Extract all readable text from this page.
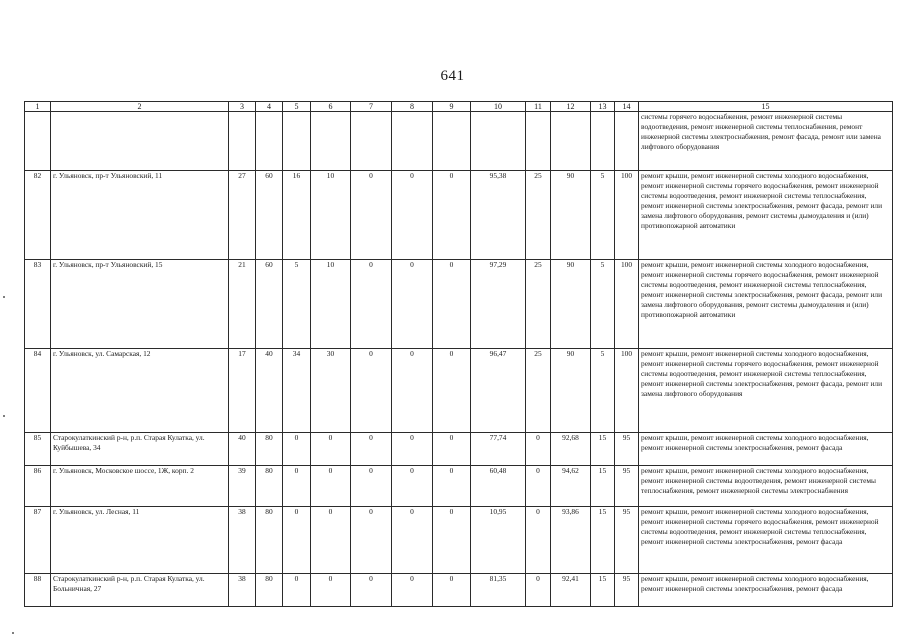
641
1	2	3	4	5	6	7	8	9	10	11	12	13	14	15
														системы горячего водоснабжения, ремонт инженерной системы водоотведения, ремонт инженерной системы теплоснабжения, ремонт инженерной системы электроснабжения, ремонт фасада, ремонт или замена лифтового оборудования
82	г. Ульяновск, пр-т Ульяновский, 11	27	60	16	10	0	0	0	95,38	25	90	5	100	ремонт крыши, ремонт инженерной системы холодного водоснабжения, ремонт инженерной системы горячего водоснабжения, ремонт инженерной системы водоотведения, ремонт инженерной системы теплоснабжения, ремонт инженерной системы электроснабжения, ремонт фасада, ремонт или замена лифтового оборудования, ремонт системы дымоудаления и (или) противопожарной автоматики
83	г. Ульяновск, пр-т Ульяновский, 15	21	60	5	10	0	0	0	97,29	25	90	5	100	ремонт крыши, ремонт инженерной системы холодного водоснабжения, ремонт инженерной системы горячего водоснабжения, ремонт инженерной системы водоотведения, ремонт инженерной системы теплоснабжения, ремонт инженерной системы электроснабжения, ремонт фасада, ремонт или замена лифтового оборудования, ремонт системы дымоудаления и (или) противопожарной автоматики
84	г. Ульяновск, ул. Самарская, 12	17	40	34	30	0	0	0	96,47	25	90	5	100	ремонт крыши, ремонт инженерной системы холодного водоснабжения, ремонт инженерной системы горячего водоснабжения, ремонт инженерной системы водоотведения, ремонт инженерной системы теплоснабжения, ремонт инженерной системы электроснабжения, ремонт фасада, ремонт или замена лифтового оборудования
85	Старокулаткинский р-н, р.п. Старая Кулатка, ул. Куйбышева, 34	40	80	0	0	0	0	0	77,74	0	92,68	15	95	ремонт крыши, ремонт инженерной системы холодного водоснабжения, ремонт инженерной системы электроснабжения, ремонт фасада
86	г. Ульяновск, Московское шоссе, 1Ж, корп. 2	39	80	0	0	0	0	0	60,48	0	94,62	15	95	ремонт крыши, ремонт инженерной системы холодного водоснабжения, ремонт инженерной системы водоотведения, ремонт инженерной системы теплоснабжения, ремонт инженерной системы электроснабжения
87	г. Ульяновск, ул. Лесная, 11	38	80	0	0	0	0	0	10,95	0	93,86	15	95	ремонт крыши, ремонт инженерной системы холодного водоснабжения, ремонт инженерной системы горячего водоснабжения, ремонт инженерной системы водоотведения, ремонт инженерной системы теплоснабжения, ремонт инженерной системы электроснабжения, ремонт фасада
88	Старокулаткинский р-н, р.п. Старая Кулатка, ул. Больничная, 27	38	80	0	0	0	0	0	81,35	0	92,41	15	95	ремонт крыши, ремонт инженерной системы холодного водоснабжения, ремонт инженерной системы электроснабжения, ремонт фасада
